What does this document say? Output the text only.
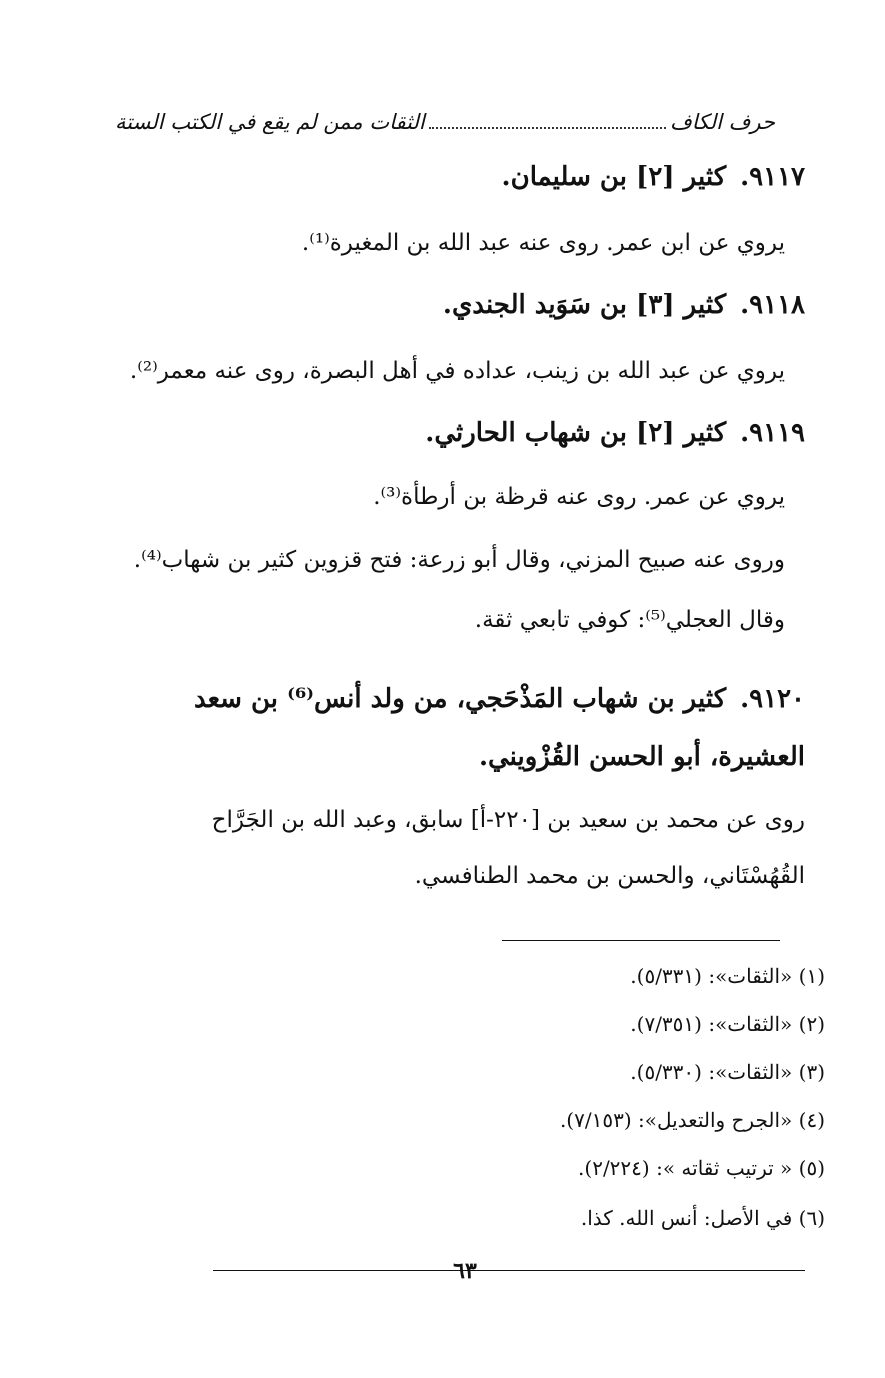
حرف الكاف
الثقات ممن لم يقع في الكتب الستة
٩١١٧.كثير [٢] بن سليمان.
يروي عن ابن عمر. روى عنه عبد الله بن المغيرة⁽¹⁾.
٩١١٨.كثير [٣] بن سَوَيد الجندي.
يروي عن عبد الله بن زينب، عداده في أهل البصرة، روى عنه معمر⁽²⁾.
٩١١٩.كثير [٢] بن شهاب الحارثي.
يروي عن عمر. روى عنه قرظة بن أرطأة⁽³⁾.
وروى عنه صبيح المزني، وقال أبو زرعة: فتح قزوين كثير بن شهاب⁽⁴⁾.
وقال العجلي⁽⁵⁾: كوفي تابعي ثقة.
٩١٢٠.كثير بن شهاب المَذْحَجي، من ولد أنس⁽⁶⁾ بن سعد العشيرة، أبو الحسن القُزْويني.
روى عن محمد بن سعيد بن [٢٢٠-أ] سابق، وعبد الله بن الجَرَّاح القُهُسْتَاني، والحسن بن محمد الطنافسي.
(١) «الثقات»: (٥/٣٣١).
(٢) «الثقات»: (٧/٣٥١).
(٣) «الثقات»: (٥/٣٣٠).
(٤) «الجرح والتعديل»: (٧/١٥٣).
(٥) « ترتيب ثقاته »: (٢/٢٢٤).
(٦) في الأصل: أنس الله. كذا.
٦٣
